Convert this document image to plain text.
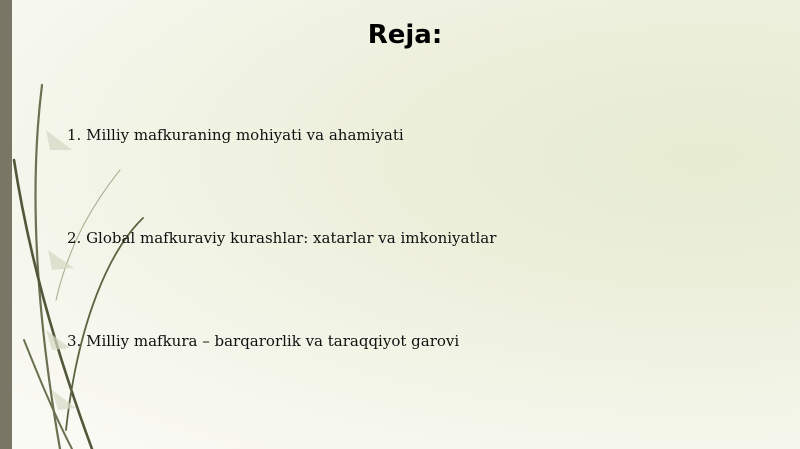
Reja:
1. Milliy mafkuraning mohiyati va ahamiyati
2. Global mafkuraviy kurashlar: xatarlar va imkoniyatlar
3. Milliy mafkura – barqarorlik va taraqqiyot garovi
